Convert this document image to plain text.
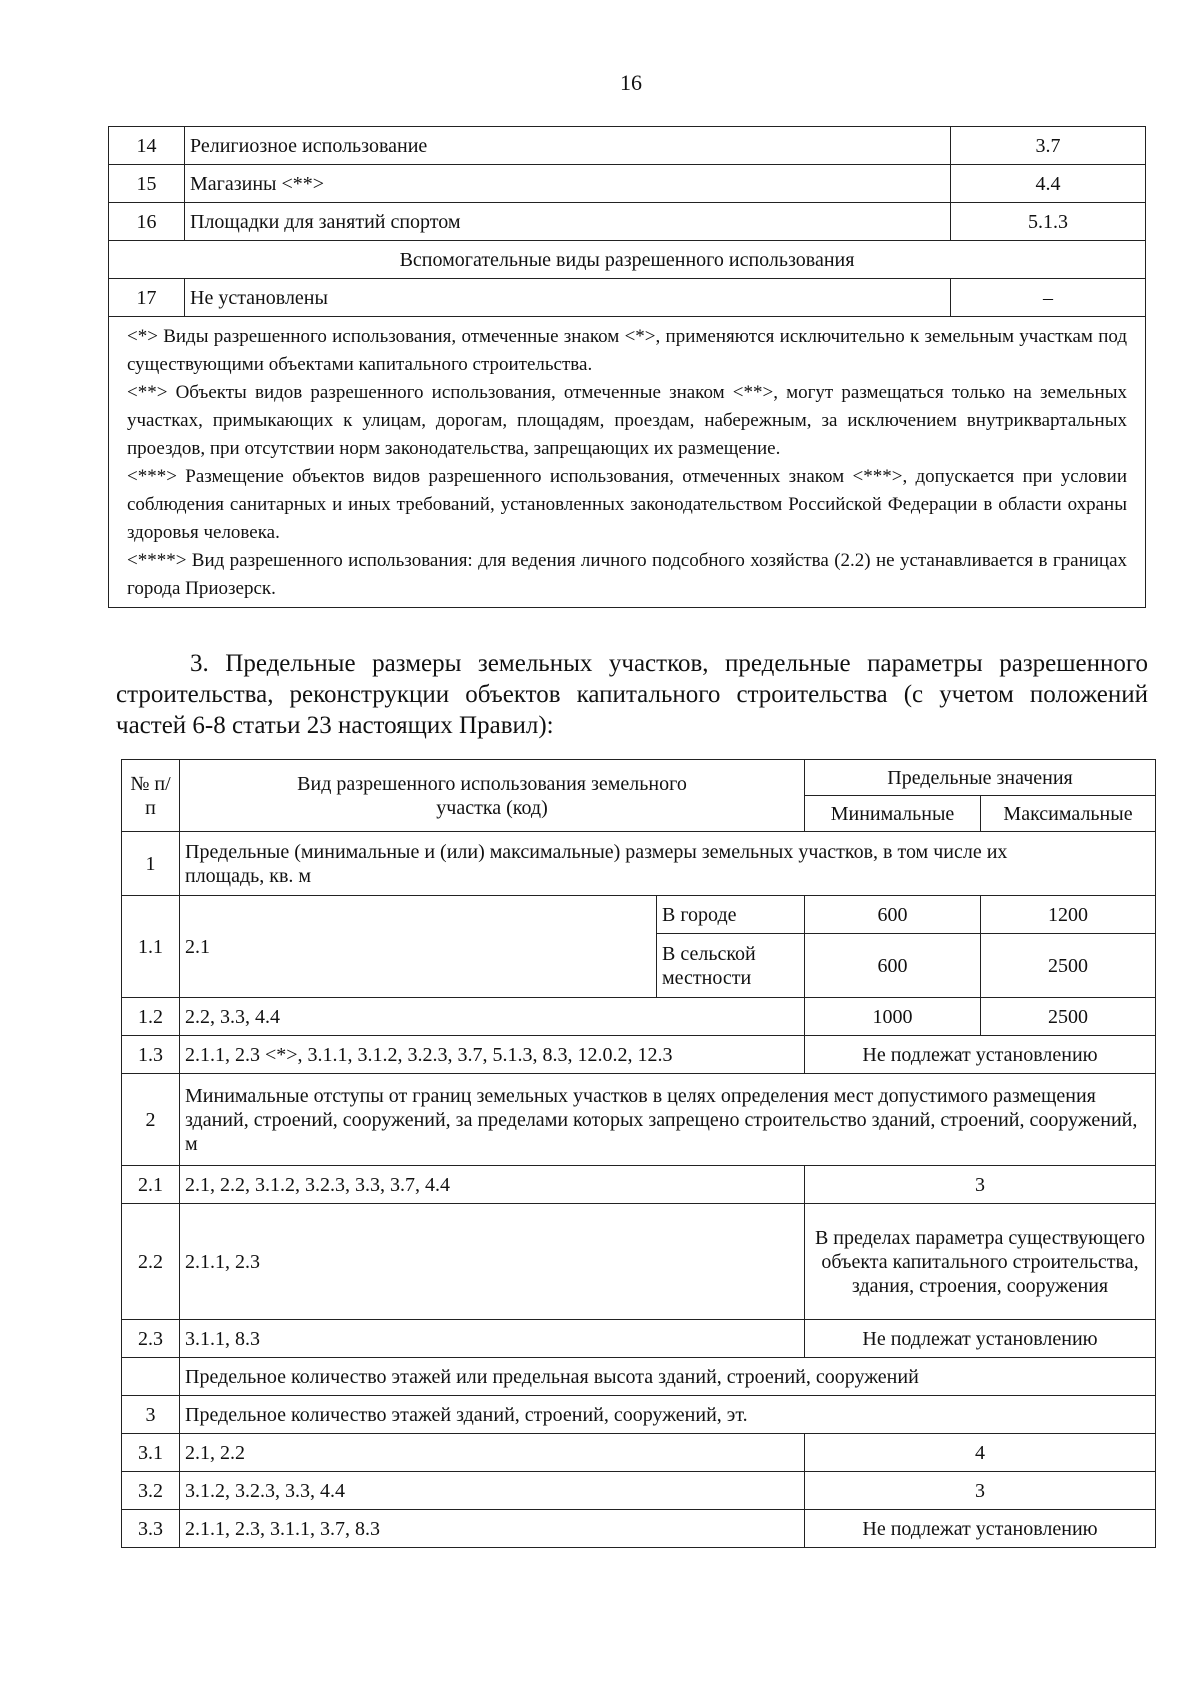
16
14	Религиозное использование	3.7
15	Магазины <**>	4.4
16	Площадки для занятий спортом	5.1.3
Вспомогательные виды разрешенного использования		
17	Не установлены	–

<*> Виды разрешенного использования, отмеченные знаком <*>, применяются исключительно к земельным участкам под существующими объектами капитального строительства.

<**> Объекты видов разрешенного использования, отмеченные знаком <**>, могут размещаться только на земельных участках, примыкающих к улицам, дорогам, площадям, проездам, набережным, за исключением внутриквартальных проездов, при отсутствии норм законодательства, запрещающих их размещение.

<***> Размещение объектов видов разрешенного использования, отмеченных знаком <***>, допускается при условии соблюдения санитарных и иных требований, установленных законодательством Российской Федерации в области охраны здоровья человека.

<****> Вид разрешенного использования: для ведения личного подсобного хозяйства (2.2) не устанавливается в границах города Приозерск.		

3. Предельные размеры земельных участков, предельные параметры разрешенного строительства, реконструкции объектов капитального строительства (с учетом положений частей 6-8 статьи 23 настоящих Правил):
№ п/п	Вид разрешенного использования земельного участка (код)		Предельные значения	
			Минимальные	Максимальные
1	Предельные (минимальные и (или) максимальные) размеры земельных участков, в том числе их площадь, кв. м			
1.1	2.1	В городе	600	1200
		В сельской местности	600	2500
1.2	2.2, 3.3, 4.4		1000	2500
1.3	2.1.1, 2.3 <*>, 3.1.1, 3.1.2, 3.2.3, 3.7, 5.1.3, 8.3, 12.0.2, 12.3		Не подлежат установлению	
2	Минимальные отступы от границ земельных участков в целях определения мест допустимого размещения зданий, строений, сооружений, за пределами которых запрещено строительство зданий, строений, сооружений, м			
2.1	2.1, 2.2, 3.1.2, 3.2.3, 3.3, 3.7, 4.4		3	
2.2	2.1.1, 2.3		В пределах параметра существующего объекта капитального строительства, здания, строения, сооружения	
2.3	3.1.1, 8.3		Не подлежат установлению	
	Предельное количество этажей или предельная высота зданий, строений, сооружений			
3	Предельное количество этажей зданий, строений, сооружений, эт.			
3.1	2.1, 2.2		4	
3.2	3.1.2, 3.2.3, 3.3, 4.4		3	
3.3	2.1.1, 2.3, 3.1.1, 3.7, 8.3		Не подлежат установлению	
